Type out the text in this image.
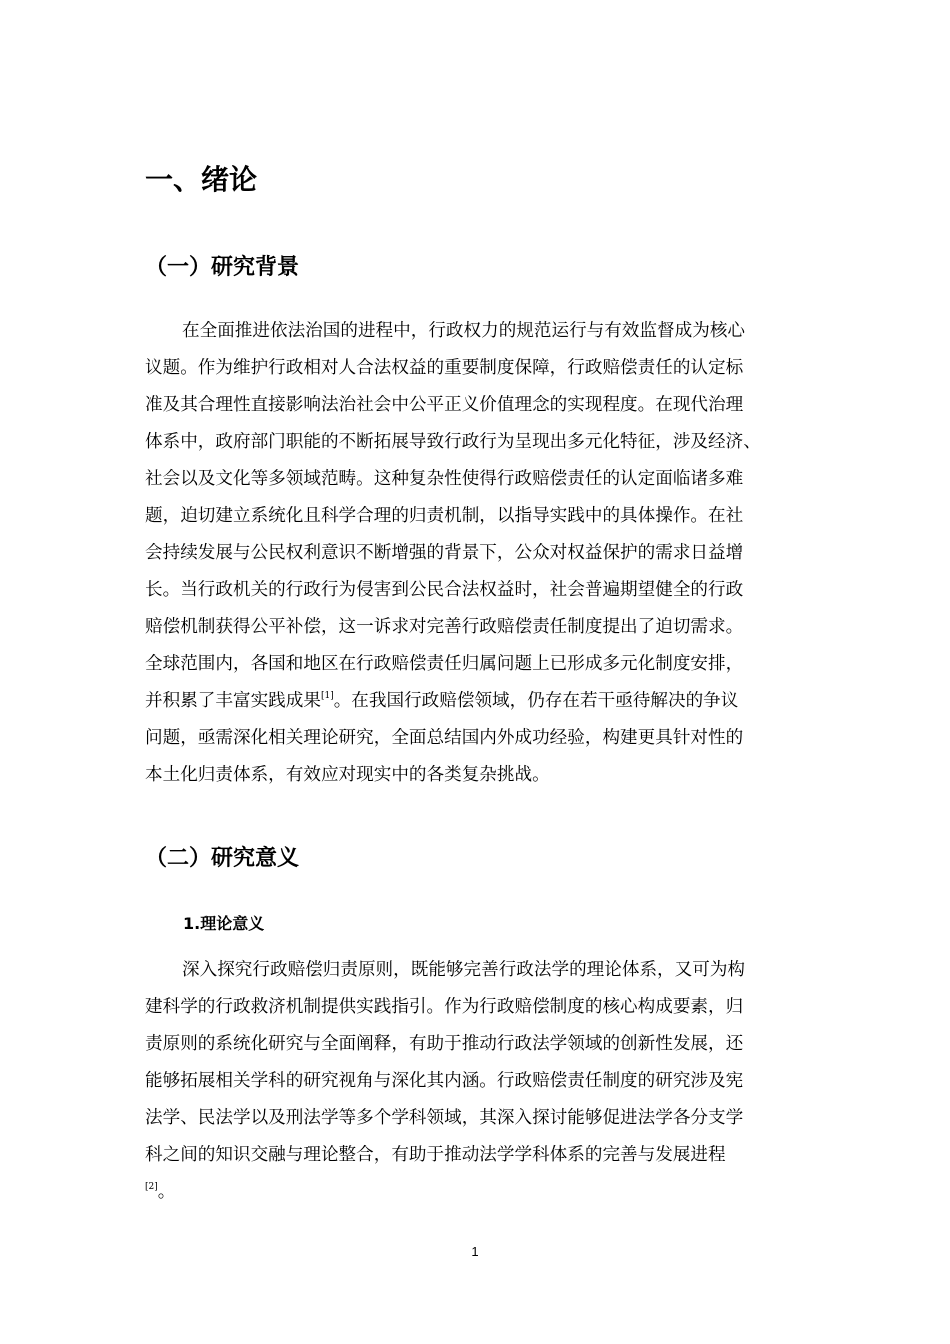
一、绪论
（一）研究背景
在全面推进依法治国的进程中，行政权力的规范运行与有效监督成为核心
议题。作为维护行政相对人合法权益的重要制度保障，行政赔偿责任的认定标
准及其合理性直接影响法治社会中公平正义价值理念的实现程度。在现代治理
体系中，政府部门职能的不断拓展导致行政行为呈现出多元化特征，涉及经济、
社会以及文化等多领域范畴。这种复杂性使得行政赔偿责任的认定面临诸多难
题，迫切建立系统化且科学合理的归责机制，以指导实践中的具体操作。在社
会持续发展与公民权利意识不断增强的背景下，公众对权益保护的需求日益增
长。当行政机关的行政行为侵害到公民合法权益时，社会普遍期望健全的行政
赔偿机制获得公平补偿，这一诉求对完善行政赔偿责任制度提出了迫切需求。
全球范围内，各国和地区在行政赔偿责任归属问题上已形成多元化制度安排，
并积累了丰富实践成果[1]。在我国行政赔偿领域，仍存在若干亟待解决的争议
问题，亟需深化相关理论研究，全面总结国内外成功经验，构建更具针对性的
本土化归责体系，有效应对现实中的各类复杂挑战。
（二）研究意义
1.理论意义
深入探究行政赔偿归责原则，既能够完善行政法学的理论体系，又可为构
建科学的行政救济机制提供实践指引。作为行政赔偿制度的核心构成要素，归
责原则的系统化研究与全面阐释，有助于推动行政法学领域的创新性发展，还
能够拓展相关学科的研究视角与深化其内涵。行政赔偿责任制度的研究涉及宪
法学、民法学以及刑法学等多个学科领域，其深入探讨能够促进法学各分支学
科之间的知识交融与理论整合，有助于推动法学学科体系的完善与发展进程
[2]。
1
